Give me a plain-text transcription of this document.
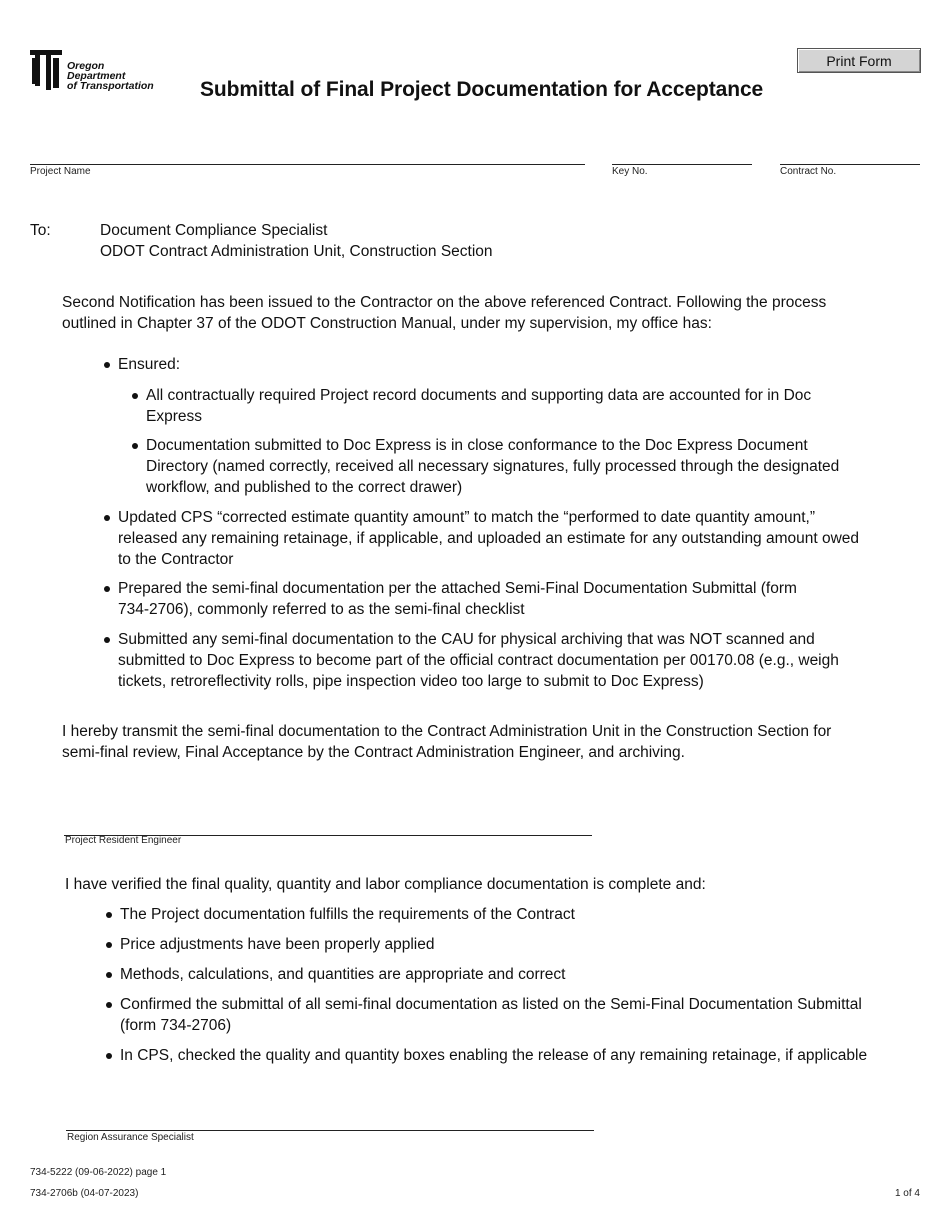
Oregon
Department
of Transportation Submittal of Final Project Documentation for Acceptance
Print Form
Project Name	Key No.	Contract No.
To:	Document Compliance Specialist
ODOT Contract Administration Unit, Construction Section
Second Notification has been issued to the Contractor on the above referenced Contract. Following the process
outlined in Chapter 37 of the ODOT Construction Manual, under my supervision, my office has:
Ensured:
All contractually required Project record documents and supporting data are accounted for in Doc
Express
Documentation submitted to Doc Express is in close conformance to the Doc Express Document
Directory (named correctly, received all necessary signatures, fully processed through the designated
workflow, and published to the correct drawer)
Updated CPS “corrected estimate quantity amount” to match the “performed to date quantity amount,”
released any remaining retainage, if applicable, and uploaded an estimate for any outstanding amount owed
to the Contractor
Prepared the semi-final documentation per the attached Semi-Final Documentation Submittal (form
734-2706), commonly referred to as the semi-final checklist
Submitted any semi-final documentation to the CAU for physical archiving that was NOT scanned and
submitted to Doc Express to become part of the official contract documentation per 00170.08 (e.g., weigh
tickets, retroreflectivity rolls, pipe inspection video too large to submit to Doc Express)
I hereby transmit the semi-final documentation to the Contract Administration Unit in the Construction Section for
semi-final review, Final Acceptance by the Contract Administration Engineer, and archiving.
Project Resident Engineer
I have verified the final quality, quantity and labor compliance documentation is complete and:
The Project documentation fulfills the requirements of the Contract
Price adjustments have been properly applied
Methods, calculations, and quantities are appropriate and correct
Confirmed the submittal of all semi-final documentation as listed on the Semi-Final Documentation Submittal
(form 734-2706)
In CPS, checked the quality and quantity boxes enabling the release of any remaining retainage, if applicable
Region Assurance Specialist
734-5222 (09-06-2022) page 1
734-2706b (04-07-2023)	1 of 4
